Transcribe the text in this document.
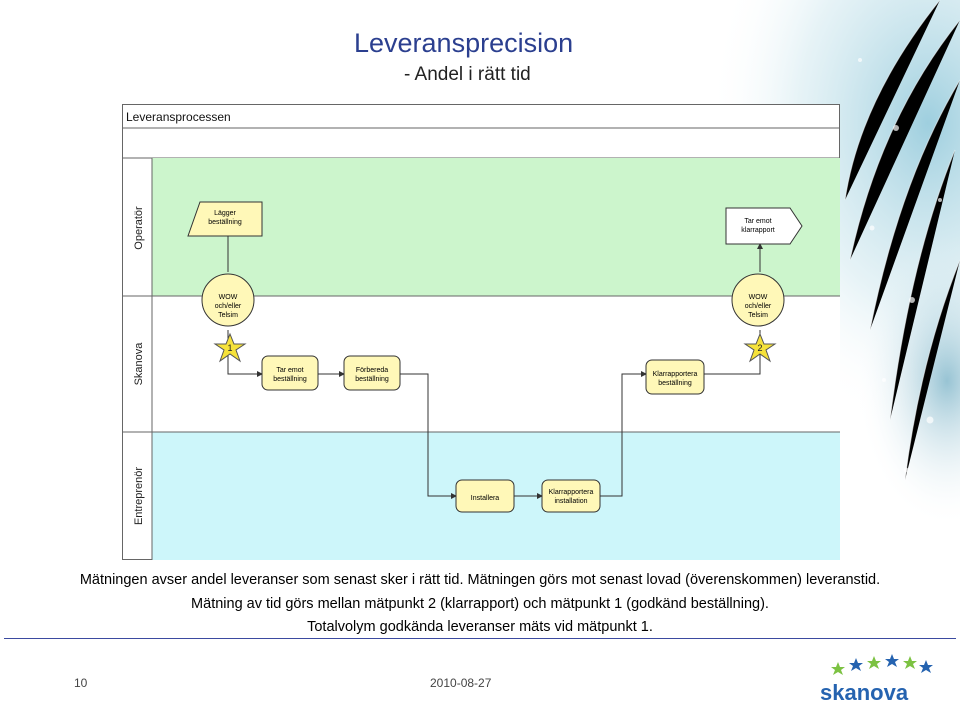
Leveransprecision
- Andel i rätt tid
Leveransprocessen
Operatör
Skanova
Entreprenör
Lägger
beställning	Tar emot
klarrapport
WOW
och/eller
Telsim
WOW
och/eller
Telsim
1	2
Tar emot
beställning
Förbereda
beställning
Klarrapportera
beställning
Installera
Klarrapportera
installation
Mätningen avser andel leveranser som senast sker i rätt tid. Mätningen görs mot senast lovad (överenskommen) leveranstid.
Mätning av tid görs mellan mätpunkt 2 (klarrapport) och mätpunkt 1 (godkänd beställning).
Totalvolym godkända leveranser mäts vid mätpunkt 1.
10	2010-08-27	skanova
